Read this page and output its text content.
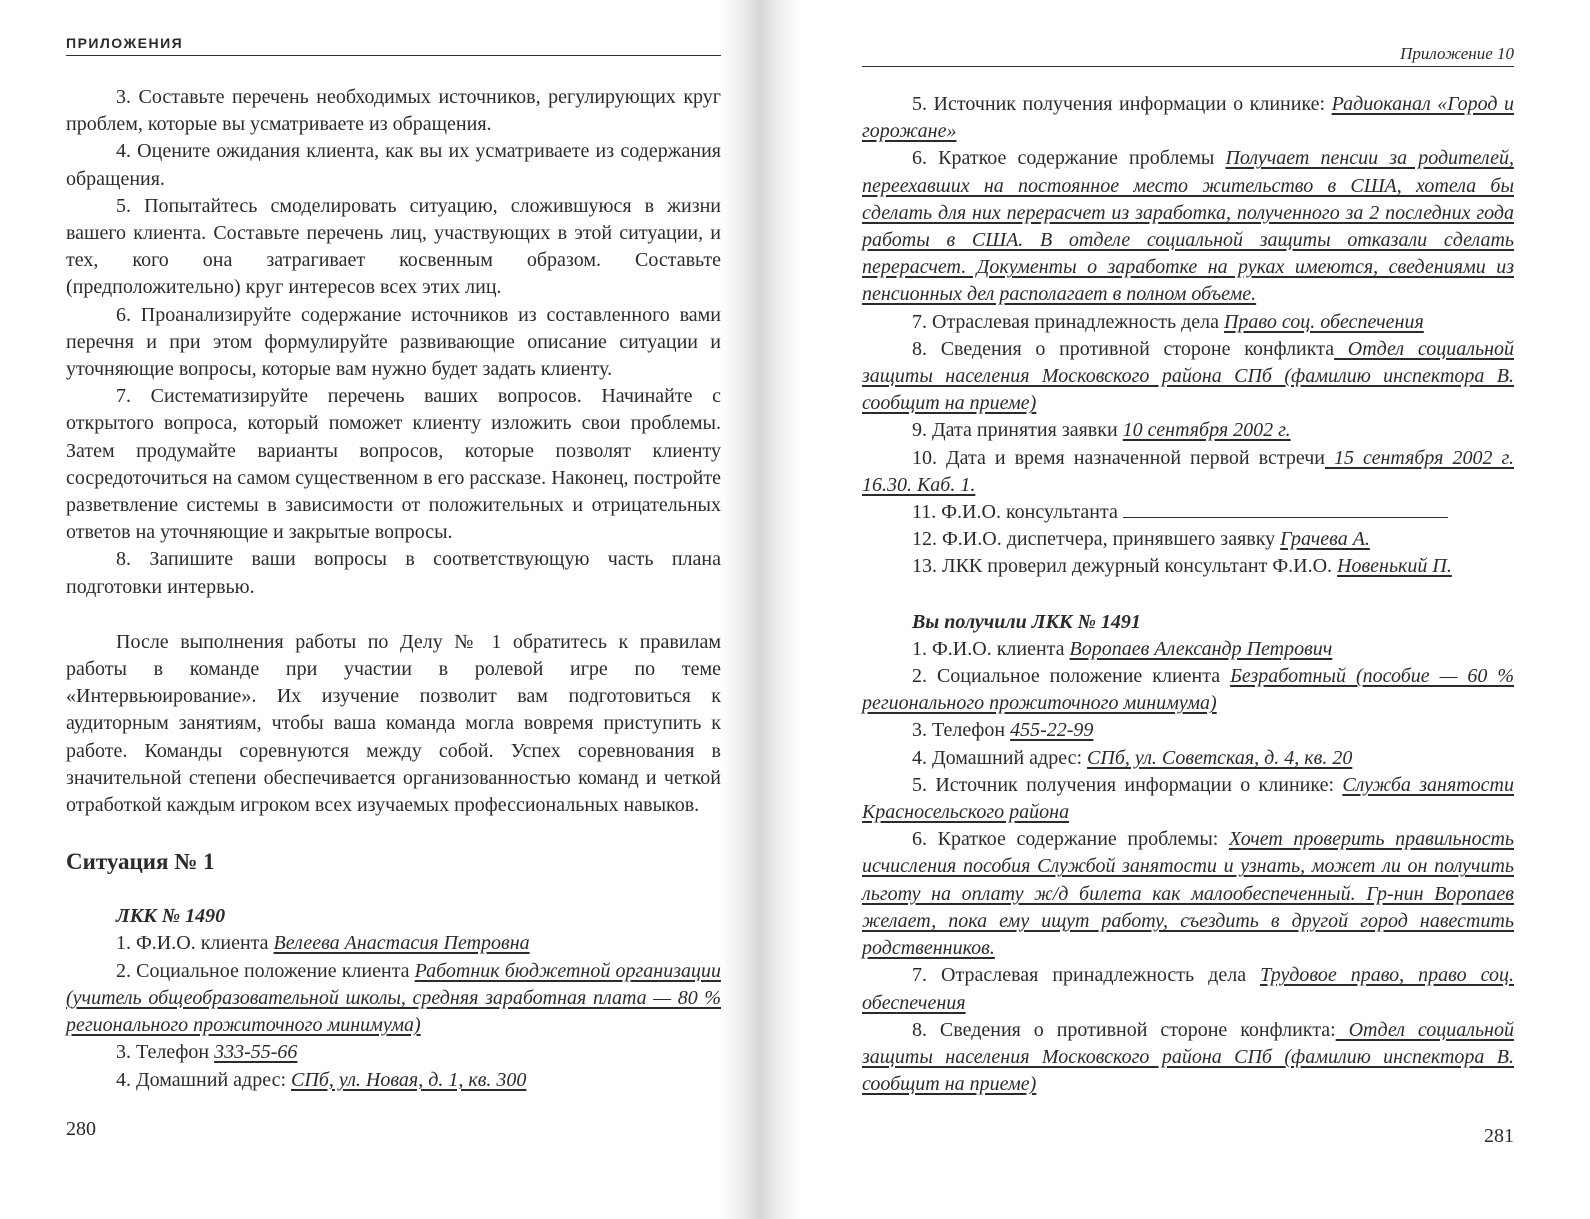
ПРИЛОЖЕНИЯ

3. Составьте перечень необходимых источников, регулирующих круг проблем, которые вы усматриваете из обращения.

4. Оцените ожидания клиента, как вы их усматриваете из содержания обращения.

5. Попытайтесь смоделировать ситуацию, сложившуюся в жизни вашего клиента. Составьте перечень лиц, участвующих в этой ситуации, и тех, кого она затрагивает косвенным образом. Составьте (предположительно) круг интересов всех этих лиц.

6. Проанализируйте содержание источников из составленного вами перечня и при этом формулируйте развивающие описание ситуации и уточняющие вопросы, которые вам нужно будет задать клиенту.

7. Систематизируйте перечень ваших вопросов. Начинайте с открытого вопроса, который поможет клиенту изложить свои проблемы. Затем продумайте варианты вопросов, которые позволят клиенту сосредоточиться на самом существенном в его рассказе. Наконец, постройте разветвление системы в зависимости от положительных и отрицательных ответов на уточняющие и закрытые вопросы.

8. Запишите ваши вопросы в соответствующую часть плана подготовки интервью.

После выполнения работы по Делу № 1 обратитесь к правилам работы в команде при участии в ролевой игре по теме «Интервьюирование». Их изучение позволит вам подготовиться к аудиторным занятиям, чтобы ваша команда могла вовремя приступить к работе. Команды соревнуются между собой. Успех соревнования в значительной степени обеспечивается организованностью команд и четкой отработкой каждым игроком всех изучаемых профессиональных навыков.

Ситуация № 1

ЛКК № 1490

1. Ф.И.О. клиента Велеева Анастасия Петровна

2. Социальное положение клиента Работник бюджетной организации (учитель общеобразовательной школы, средняя заработная плата — 80 % регионального прожиточного минимума)

3. Телефон 333-55-66

4. Домашний адрес: СПб, ул. Новая, д. 1, кв. 300

280
Приложение 10

5. Источник получения информации о клинике: Радиоканал «Город и горожане»

6. Краткое содержание проблемы Получает пенсии за родителей, переехавших на постоянное место жительство в США, хотела бы сделать для них перерасчет из заработка, полученного за 2 последних года работы в США. В отделе социальной защиты отказали сделать перерасчет. Документы о заработке на руках имеются, сведениями из пенсионных дел располагает в полном объеме.

7. Отраслевая принадлежность дела Право соц. обеспечения

8. Сведения о противной стороне конфликта Отдел социальной защиты населения Московского района СПб (фамилию инспектора В. сообщит на приеме)

9. Дата принятия заявки 10 сентября 2002 г.

10. Дата и время назначенной первой встречи 15 сентября 2002 г. 16.30. Каб. 1.

11. Ф.И.О. консультанта

12. Ф.И.О. диспетчера, принявшего заявку Грачева А.

13. ЛКК проверил дежурный консультант Ф.И.О. Новенький П.

Вы получили ЛКК № 1491

1. Ф.И.О. клиента Воропаев Александр Петрович

2. Социальное положение клиента Безработный (пособие — 60 % регионального прожиточного минимума)

3. Телефон 455-22-99

4. Домашний адрес: СПб, ул. Советская, д. 4, кв. 20

5. Источник получения информации о клинике: Служба занятости Красносельского района

6. Краткое содержание проблемы: Хочет проверить правильность исчисления пособия Службой занятости и узнать, может ли он получить льготу на оплату ж/д билета как малообеспеченный. Гр-нин Воропаев желает, пока ему ищут работу, съездить в другой город навестить родственников.

7. Отраслевая принадлежность дела Трудовое право, право соц. обеспечения

8. Сведения о противной стороне конфликта: Отдел социальной защиты населения Московского района СПб (фамилию инспектора В. сообщит на приеме)

281
